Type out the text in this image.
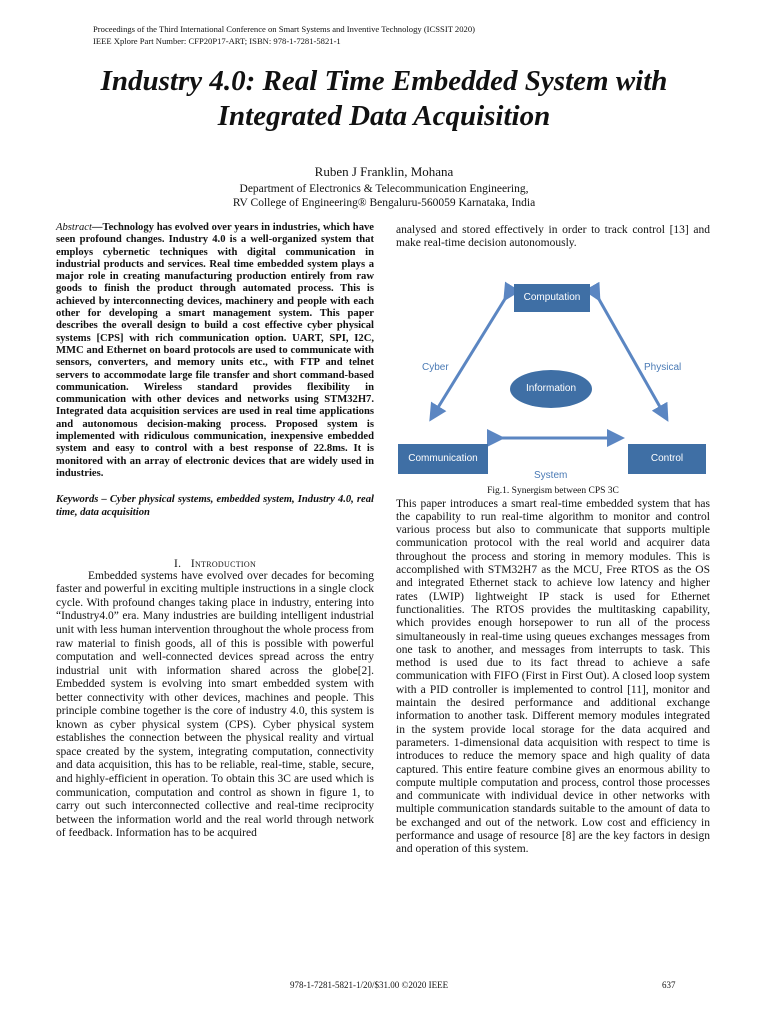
Proceedings of the Third International Conference on Smart Systems and Inventive Technology (ICSSIT 2020)
IEEE Xplore Part Number: CFP20P17-ART; ISBN: 978-1-7281-5821-1
Industry 4.0: Real Time Embedded System with
Integrated Data Acquisition
Ruben J Franklin, Mohana
Department of Electronics & Telecommunication Engineering,
RV College of Engineering® Bengaluru-560059 Karnataka, India

Abstract—Technology has evolved over years in industries, which have seen profound changes. Industry 4.0 is a well-organized system that employs cybernetic techniques with digital communication in industrial products and services. Real time embedded system plays a major role in creating manufacturing production entirely from raw goods to finish the product through automated process. This is achieved by interconnecting devices, machinery and people with each other for developing a smart management system. This paper describes the overall design to build a cost effective cyber physical systems [CPS] with rich communication option. UART, SPI, I2C, MMC and Ethernet on board protocols are used to communicate with sensors, converters, and memory units etc., with FTP and telnet servers to accommodate large file transfer and short command-based communication. Wireless standard provides flexibility in communication with other devices and networks using STM32H7. Integrated data acquisition services are used in real time applications and autonomous decision-making process. Proposed system is implemented with ridiculous communication, inexpensive embedded system and easy to control with a best response of 22.8ms. It is monitored with an array of electronic devices that are widely used in industries.

Keywords – Cyber physical systems, embedded system, Industry 4.0, real time, data acquisition

I. Introduction

Embedded systems have evolved over decades for becoming faster and powerful in exciting multiple instructions in a single clock cycle. With profound changes taking place in industry, entering into “Industry4.0” era. Many industries are building intelligent industrial unit with less human intervention throughout the whole process from raw material to finish goods, all of this is possible with powerful computation and well-connected devices spread across the entry industrial unit with information shared across the globe[2]. Embedded system is evolving into smart embedded system with better connectivity with other devices, machines and people. This principle combine together is the core of industry 4.0, this system is known as cyber physical system (CPS). Cyber physical system establishes the connection between the physical reality and virtual space created by the system, integrating computation, connectivity and data acquisition, this has to be reliable, real-time, stable, secure, and highly-efficient in operation. To obtain this 3C are used which is communication, computation and control as shown in figure 1, to carry out such interconnected collective and real-time reciprocity between the information world and the real world through network of feedback. Information has to be acquired

analysed and stored effectively in order to track control [13] and make real-time decision autonomously.

Computation
Information
Communication	Control
Cyber	Physical
System

Fig.1. Synergism between CPS 3C

This paper introduces a smart real-time embedded system that has the capability to run real-time algorithm to monitor and control various process but also to communicate that supports multiple communication protocol with the real world and acquirer data throughout the process and storing in memory modules. This is accomplished with STM32H7 as the MCU, Free RTOS as the OS and integrated Ethernet stack to achieve low latency and higher rates (LWIP) lightweight IP stack is used for Ethernet functionalities. The RTOS provides the multitasking capability, which provides enough horsepower to run all of the process simultaneously in real-time using queues exchanges messages from one task to another, and messages from interrupts to task. This method is used due to its fact thread to achieve a safe communication with FIFO (First in First Out). A closed loop system with a PID controller is implemented to control [11], monitor and maintain the desired performance and additional exchange information to another task. Different memory modules integrated in the system provide local storage for the data acquired and parameters. 1-dimensional data acquisition with respect to time is introduces to reduce the memory space and high quality of data captured. This entire feature combine gives an enormous ability to compute multiple computation and process, control those processes and communicate with individual device in other networks with multiple communication standards suitable to the amount of data to be exchanged and out of the network. Low cost and efficiency in performance and usage of resource [8] are the key factors in design and operation of this system.

978-1-7281-5821-1/20/$31.00 ©2020 IEEE	637
